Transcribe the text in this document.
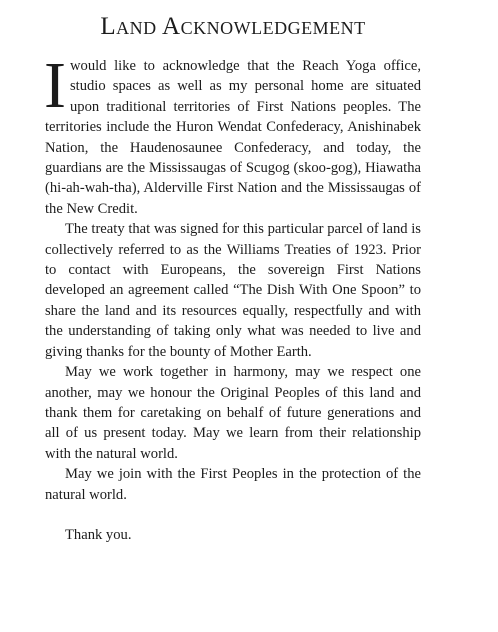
Land Acknowledgement

Iwould like to acknowledge that the Reach Yoga office, studio spaces as well as my personal home are situated upon traditional territories of First Nations peoples. The territories include the Huron Wendat Confederacy, Anishinabek Nation, the Haudenosaunee Confederacy, and today, the guardians are the Mississaugas of Scugog (skoo-gog), Hiawatha (hi-ah-wah-tha), Alderville First Nation and the Mississaugas of the New Credit.

The treaty that was signed for this particular parcel of land is collectively referred to as the Williams Treaties of 1923. Prior to contact with Europeans, the sovereign First Nations developed an agreement called “The Dish With One Spoon” to share the land and its resources equally, respectfully and with the understanding of taking only what was needed to live and giving thanks for the bounty of Mother Earth.

May we work together in harmony, may we respect one another, may we honour the Original Peoples of this land and thank them for caretaking on behalf of future generations and all of us present today. May we learn from their relationship with the natural world.

May we join with the First Peoples in the protection of the natural world.

Thank you.
